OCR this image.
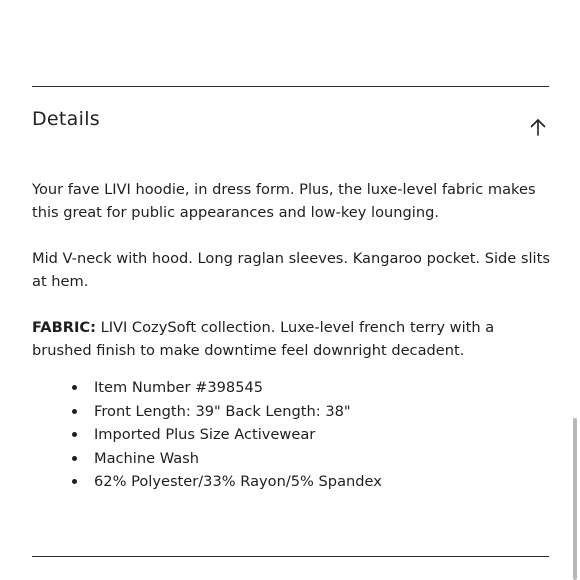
Details

Your fave LIVI hoodie, in dress form. Plus, the luxe-level fabric makes this great for public appearances and low-key lounging.

Mid V-neck with hood. Long raglan sleeves. Kangaroo pocket. Side slits at hem.

FABRIC: LIVI CozySoft collection. Luxe-level french terry with a brushed finish to make downtime feel downright decadent.

Item Number #398545
Front Length: 39" Back Length: 38"
Imported Plus Size Activewear
Machine Wash
62% Polyester/33% Rayon/5% Spandex
